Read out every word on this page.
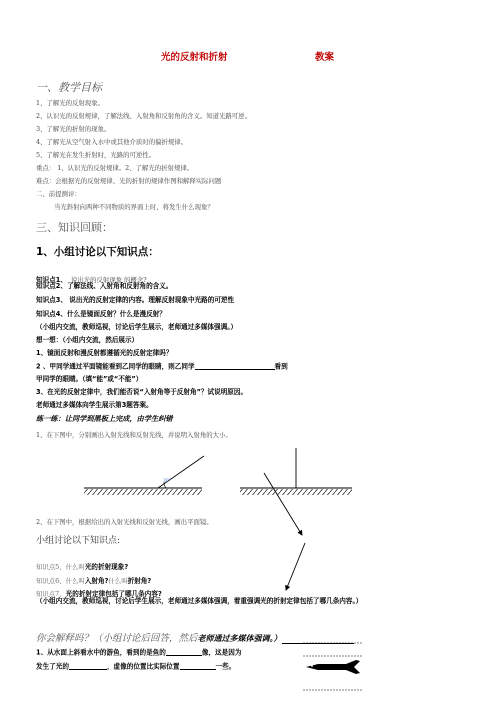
光的反射和折射	教案
一、教学目标
1、了解光的反射现象。
2、认识光的反射规律，了解法线、入射角和反射角的含义。知道光路可逆。
3、了解光的折射的现象。
4、了解光从空气射入水中或其他介质时的偏折规律。
5、了解光在发生折射时，光路的可逆性。
重点： 1、认识光的反射规律。2、了解光的折射规律。
难点：会根据光的反射规律、光的折射的规律作图和解释实际问题
二、前提测评：
当光斜射向两种不同物质的界面上时，将发生什么现象？
三、知识回顾：
1、小组讨论以下知识点：
知识点1、 说出光的反射现象 的概念?
知识点2、了解法线、入射角和反射角的含义。
知识点3、 说出光的反射定律的内容。理解反射现象中光路的可逆性
知识点4、什么是镜面反射？什么是漫反射？
（小组内交流，教师巡视，讨论后学生展示，老师通过多媒体强调。）
想一想：（小组内交流，然后展示）
1、镜面反射和漫反射都遵循光的反射定律吗？
2 、甲同学通过平面镜能看到乙同学的眼睛，则乙同学	看到
甲同学的眼睛。（填“能”或“不能”）
3、在光的反射定律中，我们能否说“入射角等于反射角”？试说明原因。
老师通过多媒体向学生展示第3题答案。
练一练：让同学到黑板上完成，由学生纠错
1、在下图中，分别画出入射光线和反射光线，并说明入射角的大小。
30°
2、在下图中，根据给出的入射光线和反射光线，画出平面镜。
小组讨论以下知识点:
知识点5、什么叫光的折射现象?
知识点6、什么叫入射角?什么叫折射角?
知识点7、光的折射定律包括了哪几条内容?
（小组内交流，教师巡视，讨论后学生展示，老师通过多媒体强调，着重强调光的折射定律包括了哪几条内容。）
你会解释吗？（小组讨论后回答，然后老师通过多媒体强调。）
1、从水面上斜看水中的游鱼，看到的是鱼的	像，这是因为
发生了光的	，虚像的位置比实际位置	一些。
